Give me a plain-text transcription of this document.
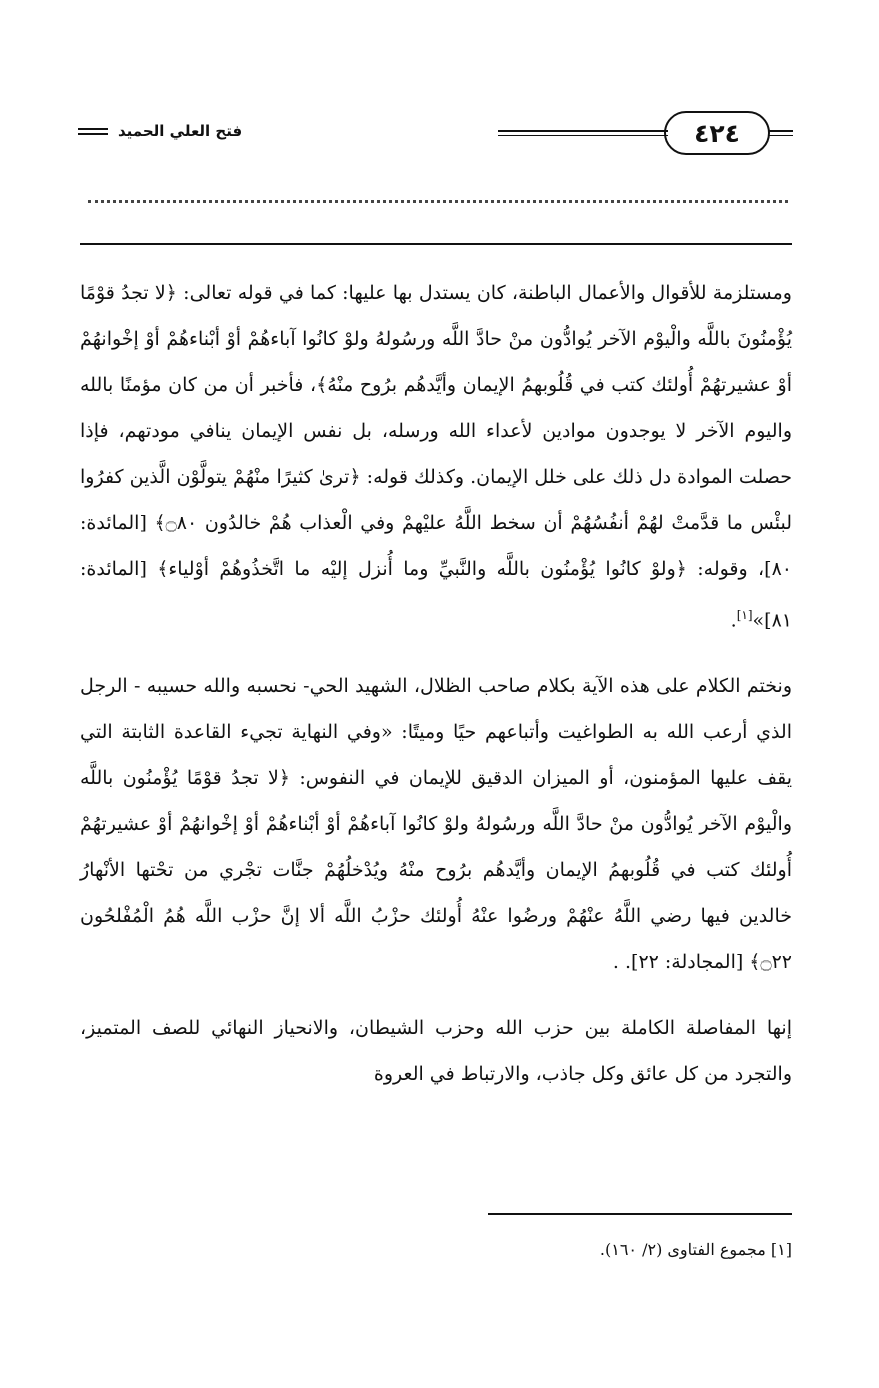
فتح العلي الحميد	٤٢٤

ومستلزمة للأقوال والأعمال الباطنة، كان يستدل بها عليها: كما في قوله تعالى: ﴿لا تجدُ قوْمًا يُؤْمنُونَ باللَّه والْيوْم الآخر يُوادُّون منْ حادَّ اللَّه ورسُولهُ ولوْ كانُوا آباءهُمْ أوْ أبْناءهُمْ أوْ إخْوانهُمْ أوْ عشيرتهُمْ أُولئك كتب في قُلُوبهمُ الإيمان وأيَّدهُم برُوح منْهُ﴾، فأخبر أن من كان مؤمنًا بالله واليوم الآخر لا يوجدون موادين لأعداء الله ورسله، بل نفس الإيمان ينافي مودتهم، فإذا حصلت الموادة دل ذلك على خلل الإيمان. وكذلك قوله: ﴿ترىٰ كثيرًا منْهُمْ يتولَّوْن الَّذين كفرُوا لبئْس ما قدَّمتْ لهُمْ أنفُسُهُمْ أن سخط اللَّهُ عليْهمْ وفي الْعذاب هُمْ خالدُون ۝٨٠﴾ [المائدة: ٨٠]، وقوله: ﴿ولوْ كانُوا يُؤْمنُون باللَّه والنَّبيِّ وما أُنزل إليْه ما اتَّخذُوهُمْ أوْلياء﴾ [المائدة: ٨١]»[١].

ونختم الكلام على هذه الآية بكلام صاحب الظلال، الشهيد الحي- نحسبه والله حسيبه - الرجل الذي أرعب الله به الطواغيت وأتباعهم حيًا وميتًا: «وفي النهاية تجيء القاعدة الثابتة التي يقف عليها المؤمنون، أو الميزان الدقيق للإيمان في النفوس: ﴿لا تجدُ قوْمًا يُؤْمنُون باللَّه والْيوْم الآخر يُوادُّون منْ حادَّ اللَّه ورسُولهُ ولوْ كانُوا آباءهُمْ أوْ أبْناءهُمْ أوْ إخْوانهُمْ أوْ عشيرتهُمْ أُولئك كتب في قُلُوبهمُ الإيمان وأيَّدهُم برُوح منْهُ ويُدْخلُهُمْ جنَّات تجْري من تحْتها الأنْهارُ خالدين فيها رضي اللَّهُ عنْهُمْ ورضُوا عنْهُ أُولئك حزْبُ اللَّه ألا إنَّ حزْب اللَّه هُمُ الْمُفْلحُون ۝٢٢﴾ [المجادلة: ٢٢]. .

إنها المفاصلة الكاملة بين حزب الله وحزب الشيطان، والانحياز النهائي للصف المتميز، والتجرد من كل عائق وكل جاذب، والارتباط في العروة

[١] مجموع الفتاوى (٢/ ١٦٠).
